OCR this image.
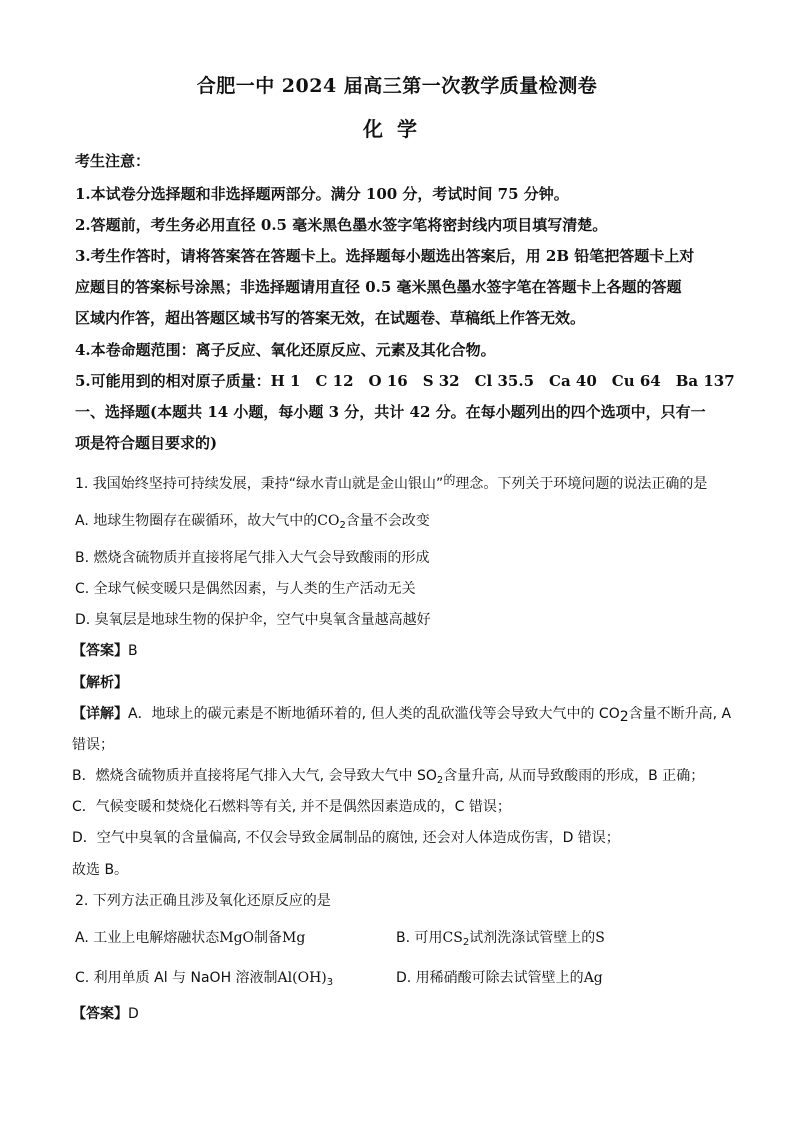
合肥一中 2024 届高三第一次教学质量检测卷
化学
考生注意：
1.本试卷分选择题和非选择题两部分。满分 100 分，考试时间 75 分钟。
2.答题前，考生务必用直径 0.5 毫米黑色墨水签字笔将密封线内项目填写清楚。
3.考生作答时，请将答案答在答题卡上。选择题每小题选出答案后，用 2B 铅笔把答题卡上对
应题目的答案标号涂黑；非选择题请用直径 0.5 毫米黑色墨水签字笔在答题卡上各题的答题
区域内作答，超出答题区域书写的答案无效，在试题卷、草稿纸上作答无效。
4.本卷命题范围：离子反应、氧化还原反应、元素及其化合物。
5.可能用到的相对原子质量：H 1　C 12　O 16　S 32　Cl 35.5　Ca 40　Cu 64　Ba 137
一、选择题(本题共 14 小题，每小题 3 分，共计 42 分。在每小题列出的四个选项中，只有一
项是符合题目要求的)
1. 我国始终坚持可持续发展，秉持“绿水青山就是金山银山”$^的$理念。下列关于环境问题的说法正确的是
A. 地球生物圈存在碳循环，故大气中的$CO_2$含量不会改变
B. 燃烧含硫物质并直接将尾气排入大气会导致酸雨的形成
C. 全球气候变暖只是偶然因素，与人类的生产活动无关
D. 臭氧层是地球生物的保护伞，空气中臭氧含量越高越好
【答案】B
【解析】
【详解】A．地球上的碳元素是不断地循环着的, 但人类的乱砍滥伐等会导致大气中的 $CO_2$含量不断升高, A
错误；
B．燃烧含硫物质并直接将尾气排入大气, 会导致大气中 $SO_2$含量升高, 从而导致酸雨的形成，B 正确；
C．气候变暖和焚烧化石燃料等有关, 并不是偶然因素造成的，C 错误；
D．空气中臭氧的含量偏高, 不仅会导致金属制品的腐蚀, 还会对人体造成伤害，D 错误；
故选 B。
2. 下列方法正确且涉及氧化还原反应的是
A. 工业上电解熔融状态MgO制备Mg	B. 可用$CS_2$试剂洗涤试管壁上的S
C. 利用单质 Al 与 NaOH 溶液制$Al(OH)_3$	D. 用稀硝酸可除去试管壁上的Ag
【答案】D
